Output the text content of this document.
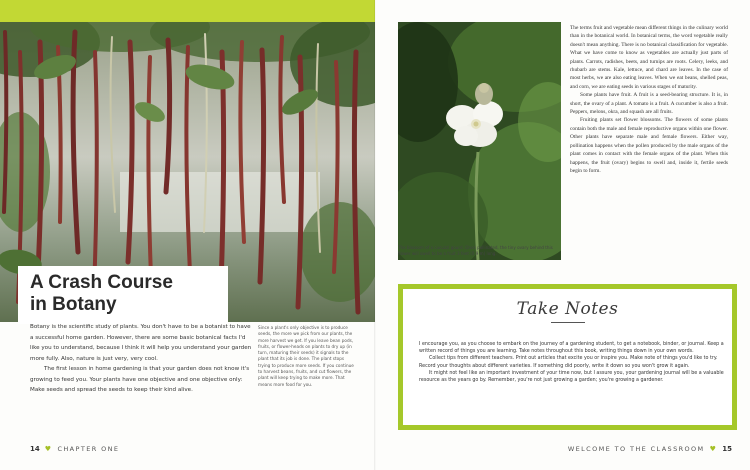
A Crash Course
in Botany

Botany is the scientific study of plants. You don't have to be a botanist to have a successful home garden. However, there are some basic botanical facts I'd like you to understand, because I think it will help you understand your garden more fully. Also, nature is just very, very cool.

The first lesson in home gardening is that your garden does not know it's growing to feed you. Your plants have one objective and one objective only: Make seeds and spread the seeds to keep their kind alive.

Since a plant's only objective is to produce seeds, the more we pick from our plants, the more harvest we get. If you leave bean pods, fruits, or flower-heads on plants to dry up (in turn, maturing their seeds) it signals to the plant that its job is done. The plant stops trying to produce more seeds. If you continue to harvest beans, fruits, and cut flowers, the plant will keep trying to make more. That means more food for you.
14 ♥ CHAPTER ONE
The blossom of a cucuzzi gourd. Once pollinated, the tiny ovary behind this flower will swell to be a fruit 3 feet (0.9 m) long.

The terms fruit and vegetable mean different things in the culinary world than in the botanical world. In botanical terms, the word vegetable really doesn't mean anything. There is no botanical classification for vegetable. What we have come to know as vegetables are actually just parts of plants. Carrots, radishes, beets, and turnips are roots. Celery, leeks, and rhubarb are stems. Kale, lettuce, and chard are leaves. In the case of most herbs, we are also eating leaves. When we eat beans, shelled peas, and corn, we are eating seeds in various stages of maturity.

Some plants have fruit. A fruit is a seed-bearing structure. It is, in short, the ovary of a plant. A tomato is a fruit. A cucumber is also a fruit. Peppers, melons, okra, and squash are all fruits.

Fruiting plants set flower blossoms. The flowers of some plants contain both the male and female reproductive organs within one flower. Other plants have separate male and female flowers. Either way, pollination happens when the pollen produced by the male organs of the plant comes in contact with the female organs of the plant. When this happens, the fruit (ovary) begins to swell and, inside it, fertile seeds begin to form.

Take Notes

I encourage you, as you choose to embark on the journey of a gardening student, to get a notebook, binder, or journal. Keep a written record of things you are learning. Take notes throughout this book, writing things down in your own words.

Collect tips from different teachers. Print out articles that excite you or inspire you. Make note of things you'd like to try. Record your thoughts about different varieties. If something did poorly, write it down so you won't grow it again.

It might not feel like an important investment of your time now, but I assure you, your gardening journal will be a valuable resource as the years go by. Remember, you're not just growing a garden; you're growing a gardener.

WELCOME TO THE CLASSROOM ♥ 15
